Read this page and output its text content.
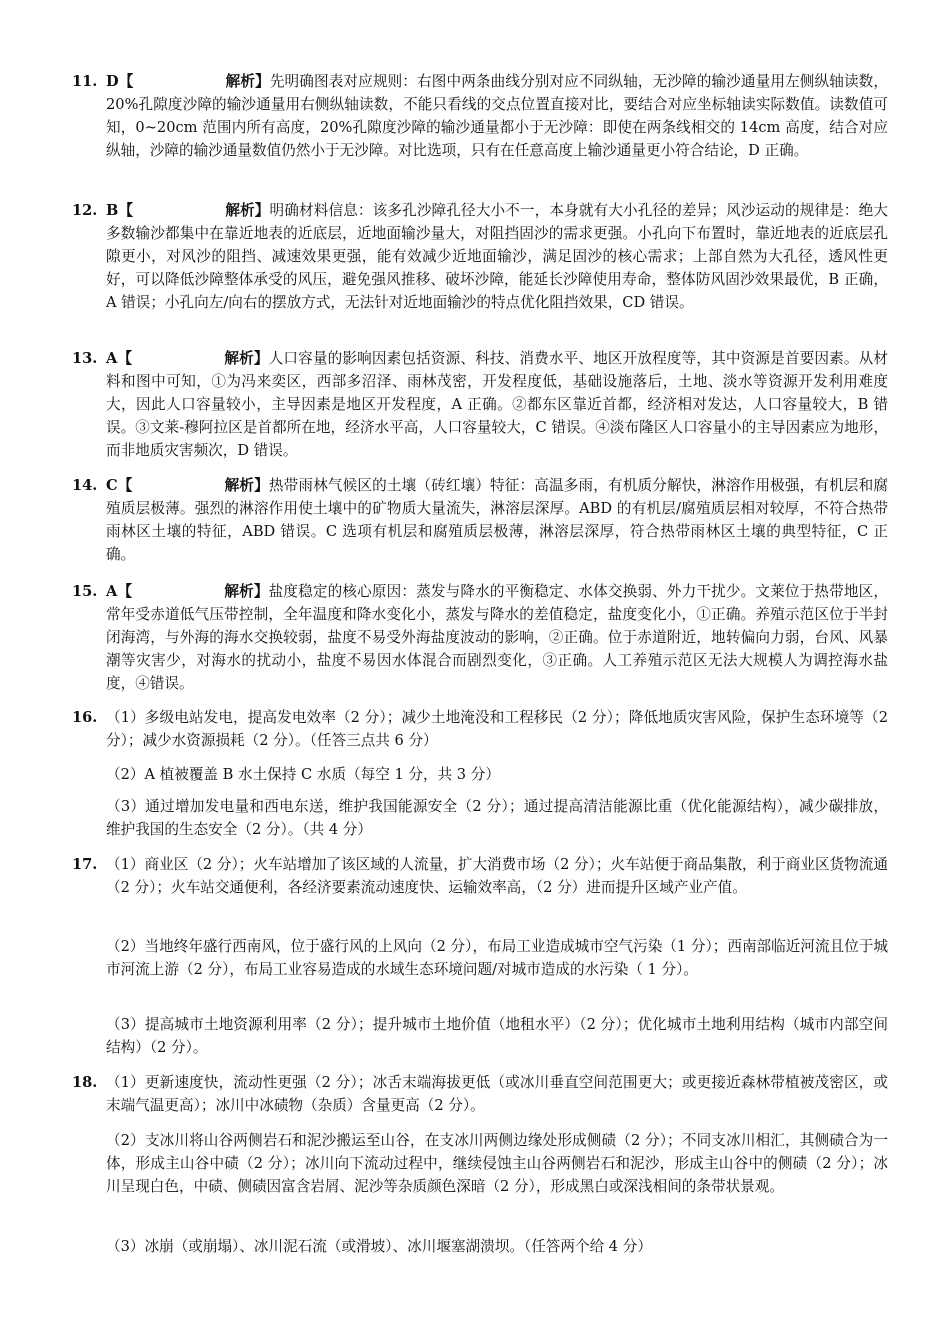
11. D【	解析】先明确图表对应规则：右图中两条曲线分别对应不同纵轴，无沙障的输沙通量用左侧纵轴读数，20%孔隙度沙障的输沙通量用右侧纵轴读数，不能只看线的交点位置直接对比，要结合对应坐标轴读实际数值。读数值可知，0~20cm 范围内所有高度，20%孔隙度沙障的输沙通量都小于无沙障：即使在两条线相交的 14cm 高度，结合对应纵轴，沙障的输沙通量数值仍然小于无沙障。对比选项，只有在任意高度上输沙通量更小符合结论，D 正确。
12. B【	解析】明确材料信息：该多孔沙障孔径大小不一，本身就有大小孔径的差异；风沙运动的规律是：绝大多数输沙都集中在靠近地表的近底层，近地面输沙量大，对阻挡固沙的需求更强。小孔向下布置时，靠近地表的近底层孔隙更小，对风沙的阻挡、减速效果更强，能有效减少近地面输沙，满足固沙的核心需求；上部自然为大孔径，透风性更好，可以降低沙障整体承受的风压，避免强风推移、破坏沙障，能延长沙障使用寿命，整体防风固沙效果最优，B 正确，A 错误；小孔向左/向右的摆放方式，无法针对近地面输沙的特点优化阻挡效果，CD 错误。
13. A【	解析】人口容量的影响因素包括资源、科技、消费水平、地区开放程度等，其中资源是首要因素。从材料和图中可知，①为冯来奕区，西部多沼泽、雨林茂密，开发程度低，基础设施落后，土地、淡水等资源开发利用难度大，因此人口容量较小，主导因素是地区开发程度，A 正确。②都东区靠近首都，经济相对发达，人口容量较大，B 错误。③文莱-穆阿拉区是首都所在地，经济水平高，人口容量较大，C 错误。④淡布隆区人口容量小的主导因素应为地形，而非地质灾害频次，D 错误。
14. C【	解析】热带雨林气候区的土壤（砖红壤）特征：高温多雨，有机质分解快，淋溶作用极强，有机层和腐殖质层极薄。强烈的淋溶作用使土壤中的矿物质大量流失，淋溶层深厚。ABD 的有机层/腐殖质层相对较厚，不符合热带雨林区土壤的特征，ABD 错误。C 选项有机层和腐殖质层极薄，淋溶层深厚，符合热带雨林区土壤的典型特征，C 正确。
15. A【	解析】盐度稳定的核心原因：蒸发与降水的平衡稳定、水体交换弱、外力干扰少。文莱位于热带地区，常年受赤道低气压带控制，全年温度和降水变化小，蒸发与降水的差值稳定，盐度变化小，①正确。养殖示范区位于半封闭海湾，与外海的海水交换较弱，盐度不易受外海盐度波动的影响，②正确。位于赤道附近，地转偏向力弱，台风、风暴潮等灾害少，对海水的扰动小，盐度不易因水体混合而剧烈变化，③正确。人工养殖示范区无法大规模人为调控海水盐度，④错误。
16. （1）多级电站发电，提高发电效率（2 分）；减少土地淹没和工程移民（2 分）；降低地质灾害风险，保护生态环境等（2 分）；减少水资源损耗（2 分）。（任答三点共 6 分）
（2）A 植被覆盖 B 水土保持 C 水质（每空 1 分，共 3 分）
（3）通过增加发电量和西电东送，维护我国能源安全（2 分）；通过提高清洁能源比重（优化能源结构），减少碳排放，维护我国的生态安全（2 分）。（共 4 分）
17. （1）商业区（2 分）；火车站增加了该区域的人流量，扩大消费市场（2 分）；火车站便于商品集散，利于商业区货物流通（2 分）；火车站交通便利，各经济要素流动速度快、运输效率高，（2 分）进而提升区域产业产值。
（2）当地终年盛行西南风，位于盛行风的上风向（2 分），布局工业造成城市空气污染（1 分）；西南部临近河流且位于城市河流上游（2 分），布局工业容易造成的水域生态环境问题/对城市造成的水污染（ 1 分）。
（3）提高城市土地资源利用率（2 分）；提升城市土地价值（地租水平）（2 分）；优化城市土地利用结构（城市内部空间结构）（2 分）。
18. （1）更新速度快，流动性更强（2 分）；冰舌末端海拔更低（或冰川垂直空间范围更大；或更接近森林带植被茂密区，或末端气温更高）；冰川中冰碛物（杂质）含量更高（2 分）。
（2）支冰川将山谷两侧岩石和泥沙搬运至山谷，在支冰川两侧边缘处形成侧碛（2 分）；不同支冰川相汇，其侧碛合为一体，形成主山谷中碛（2 分）；冰川向下流动过程中，继续侵蚀主山谷两侧岩石和泥沙，形成主山谷中的侧碛（2 分）；冰川呈现白色，中碛、侧碛因富含岩屑、泥沙等杂质颜色深暗（2 分），形成黑白或深浅相间的条带状景观。
（3）冰崩（或崩塌）、冰川泥石流（或滑坡）、冰川堰塞湖溃坝。（任答两个给 4 分）
